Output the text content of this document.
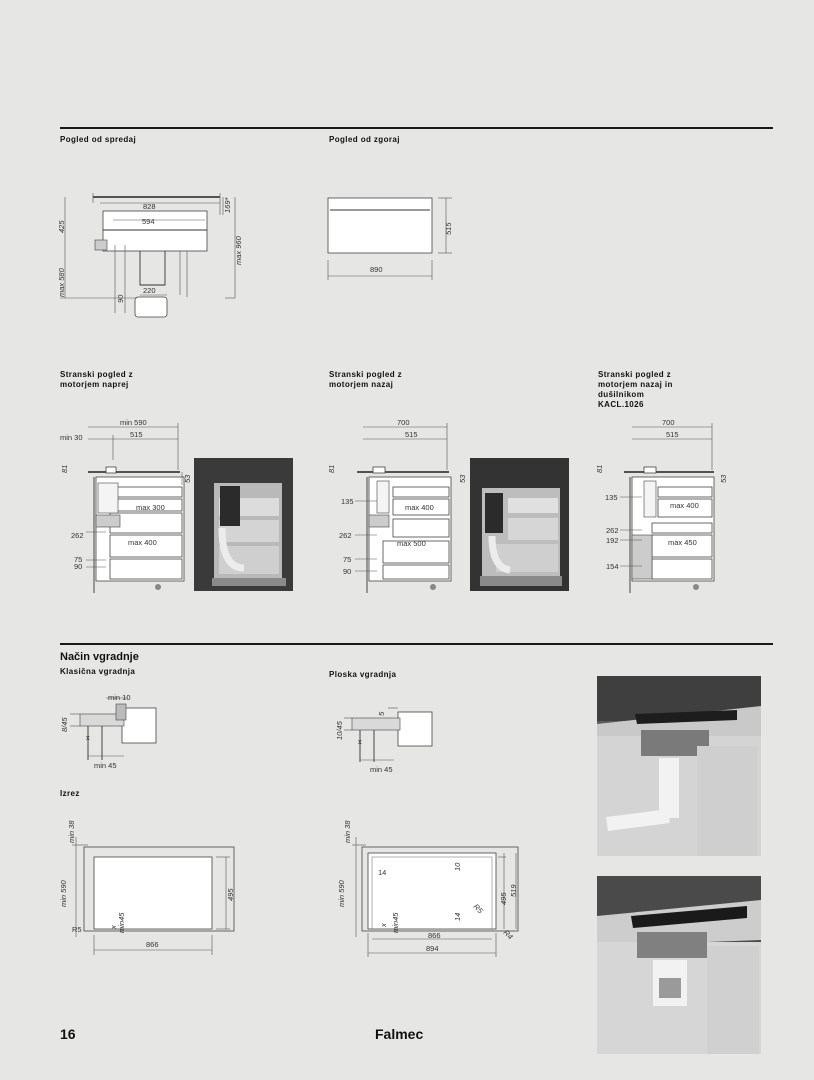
Pogled od spredaj	Pogled od zgoraj
Stranski pogled z
motorjem naprej
Stranski pogled z
motorjem nazaj
Stranski pogled z
motorjem nazaj in
dušilnikom
KACL.1026
Način vgradnje
Klasična vgradnja	Ploska vgradnja
Izrez
828
594
220
425
max 580
max 960
169*
90
890
515
min 590
515
min 30
81
53
max 300
max 400
262
75
90
700
515
81
53
135
max 400
262
max 500
75
90
700
515
81
53
135
max 400
262
192	max 450
154
min 10
x
min 45
8/45
5
x
min 45
10/45
min 38
min 590	495
866
R5	x min45
min 38
min 590	495
519
866
894
14
10
14
R5
R4
x min45
16	Falmec
